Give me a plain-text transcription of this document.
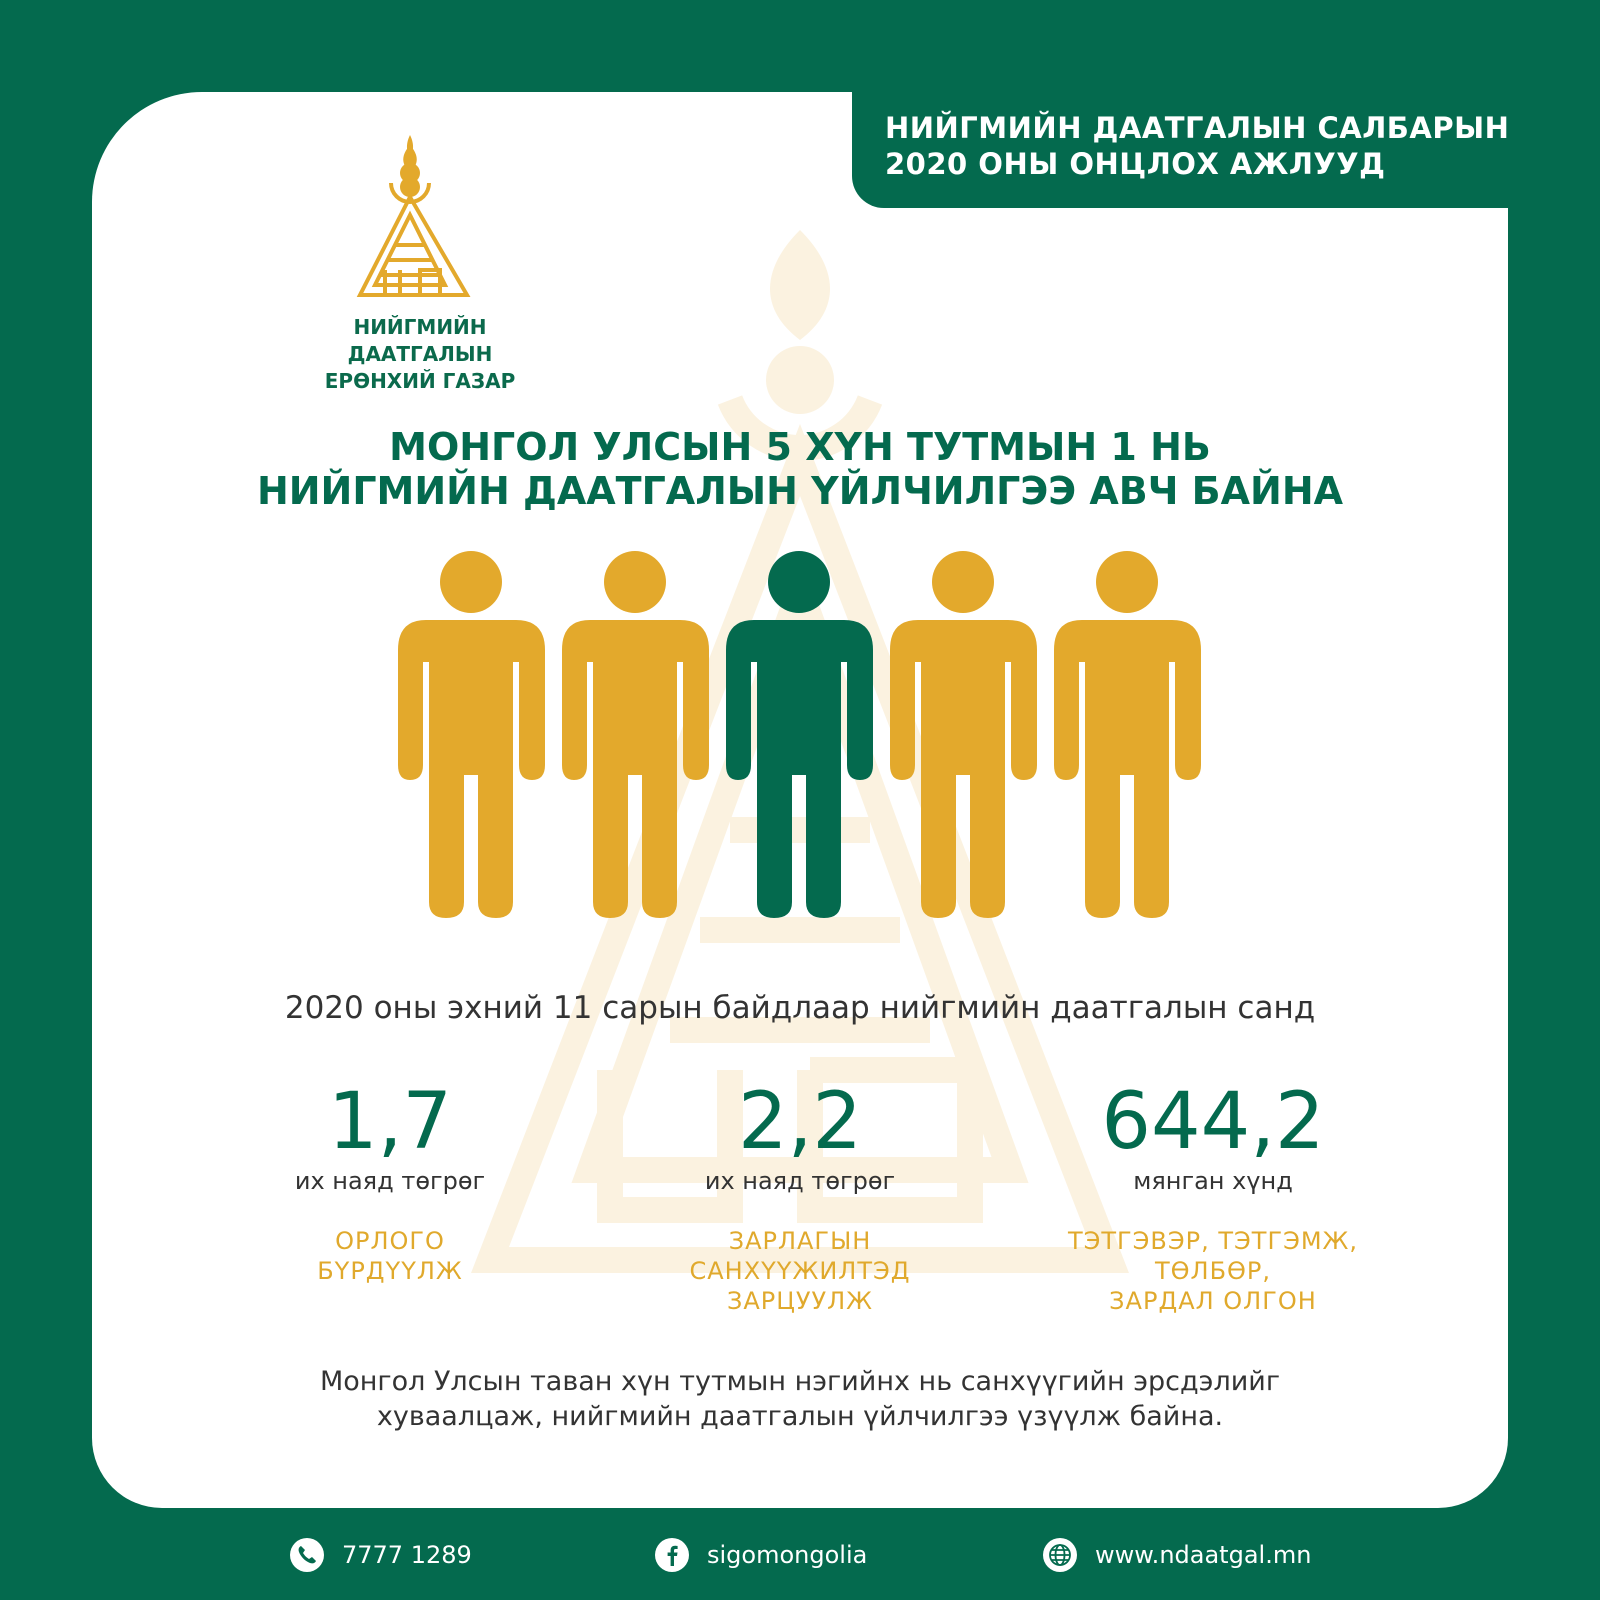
НИЙГМИЙН ДААТГАЛЫН САЛБАРЫН
2020 ОНЫ ОНЦЛОХ АЖЛУУД
НИЙГМИЙН ДААТГАЛЫН
ЕРӨНХИЙ ГАЗАР
МОНГОЛ УЛСЫН 5 ХҮН ТУТМЫН 1 НЬ
НИЙГМИЙН ДААТГАЛЫН ҮЙЛЧИЛГЭЭ АВЧ БАЙНА
2020 оны эхний 11 сарын байдлаар нийгмийн даатгалын санд
1,7
их наяд төгрөг
ОРЛОГО
БҮРДҮҮЛЖ
2,2
их наяд төгрөг
ЗАРЛАГЫН
САНХҮҮЖИЛТЭД
ЗАРЦУУЛЖ
644,2
мянган хүнд
ТЭТГЭВЭР, ТЭТГЭМЖ,
ТӨЛБӨР,
ЗАРДАЛ ОЛГОН
Монгол Улсын таван хүн тутмын нэгийнх нь санхүүгийн эрсдэлийг
хуваалцаж, нийгмийн даатгалын үйлчилгээ үзүүлж байна.
7777 1289	sigomongolia	www.ndaatgal.mn
